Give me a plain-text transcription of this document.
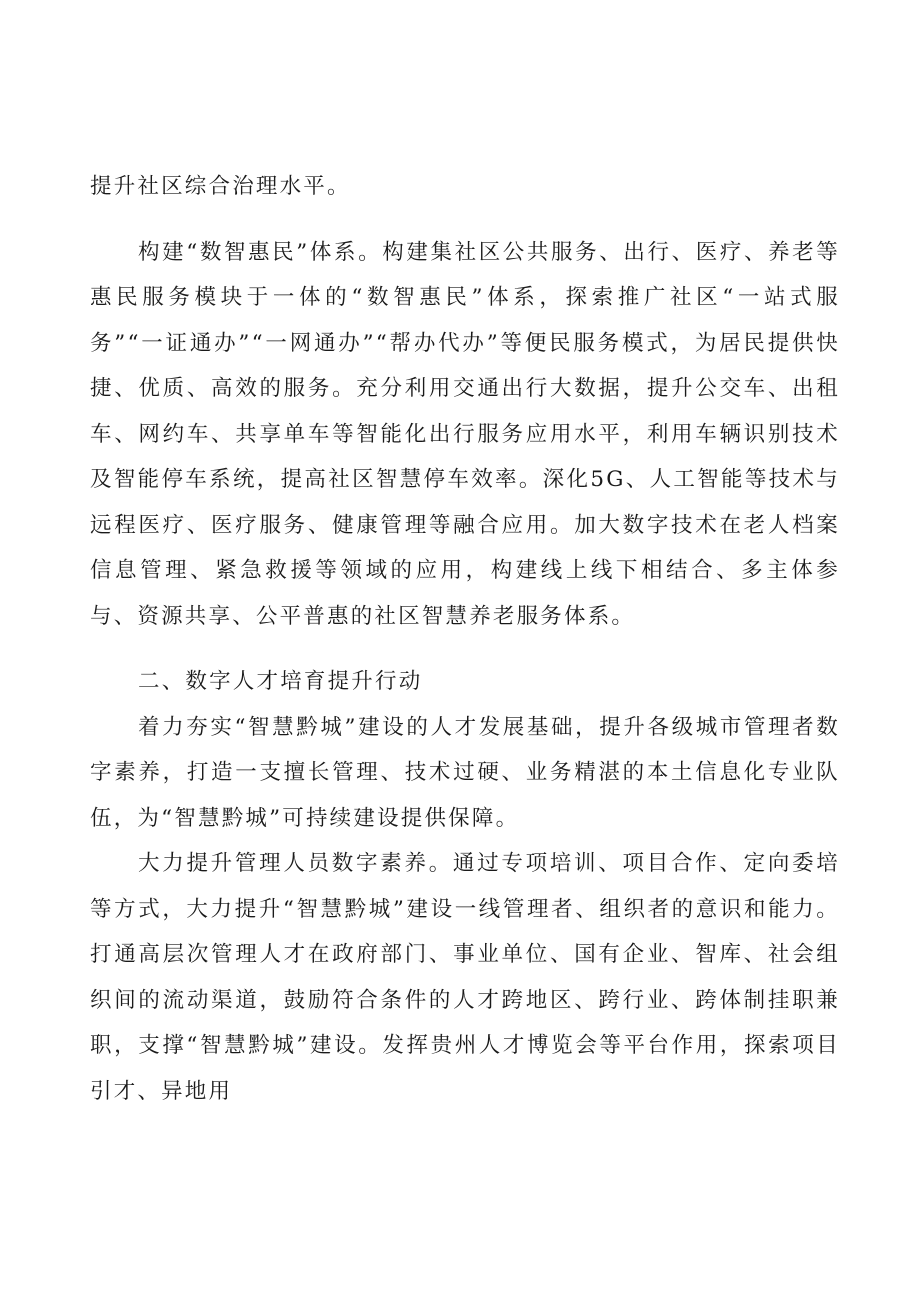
提升社区综合治理水平。

构建“数智惠民”体系。构建集社区公共服务、出行、医疗、养老等惠民服务模块于一体的“数智惠民”体系，探索推广社区“一站式服务”“一证通办”“一网通办”“帮办代办”等便民服务模式，为居民提供快捷、优质、高效的服务。充分利用交通出行大数据，提升公交车、出租车、网约车、共享单车等智能化出行服务应用水平，利用车辆识别技术及智能停车系统，提高社区智慧停车效率。深化5G、人工智能等技术与远程医疗、医疗服务、健康管理等融合应用。加大数字技术在老人档案信息管理、紧急救援等领域的应用，构建线上线下相结合、多主体参与、资源共享、公平普惠的社区智慧养老服务体系。

二、数字人才培育提升行动

着力夯实“智慧黔城”建设的人才发展基础，提升各级城市管理者数字素养，打造一支擅长管理、技术过硬、业务精湛的本土信息化专业队伍，为“智慧黔城”可持续建设提供保障。

大力提升管理人员数字素养。通过专项培训、项目合作、定向委培等方式，大力提升“智慧黔城”建设一线管理者、组织者的意识和能力。打通高层次管理人才在政府部门、事业单位、国有企业、智库、社会组织间的流动渠道，鼓励符合条件的人才跨地区、跨行业、跨体制挂职兼职，支撑“智慧黔城”建设。发挥贵州人才博览会等平台作用，探索项目引才、异地用
